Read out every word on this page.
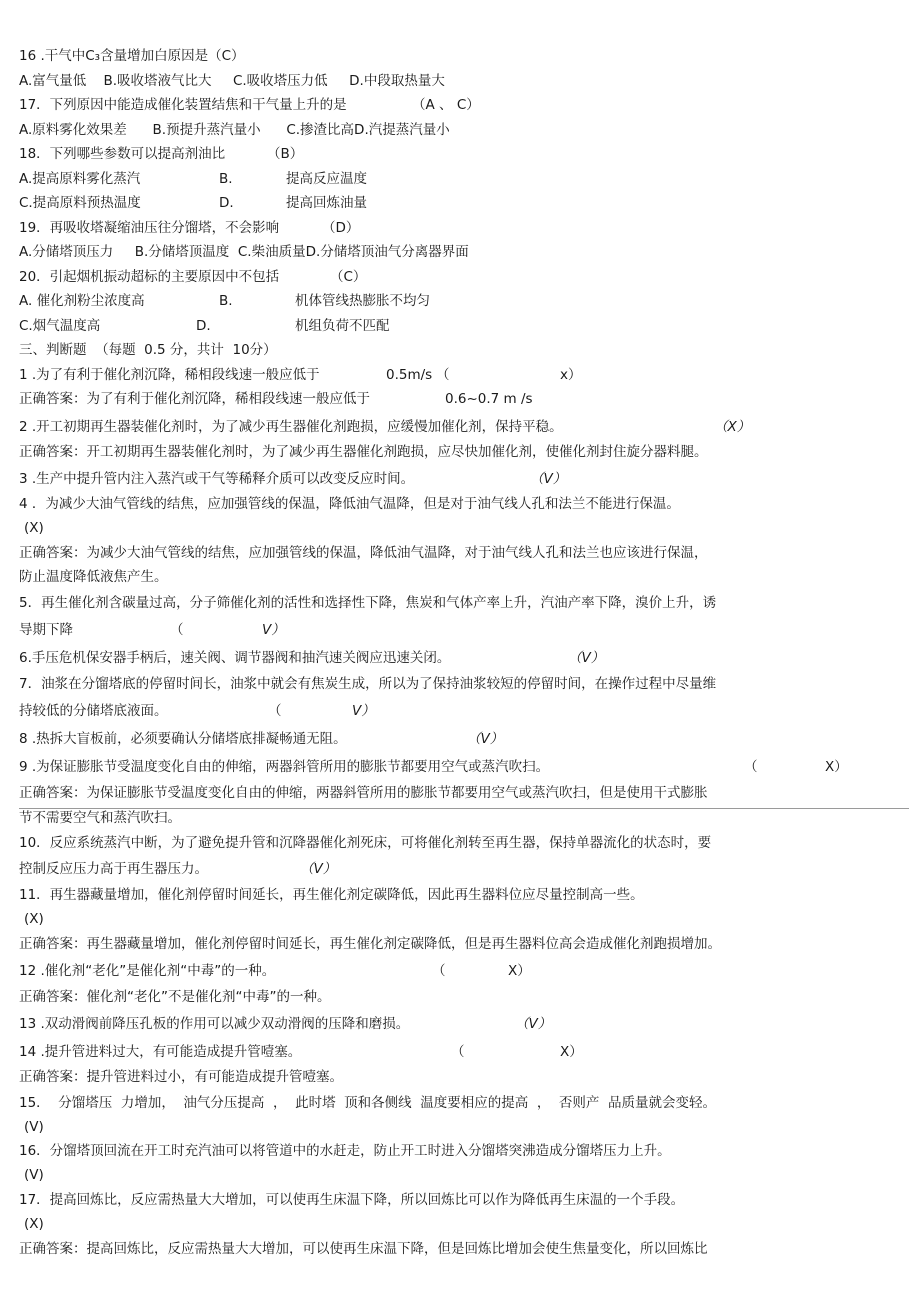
16 .干气中C₃含量增加白原因是（C）
A.富气量低    B.吸收塔液气比大     C.吸收塔压力低     D.中段取热量大
17．下列原因中能造成催化装置结焦和干气量上升的是	（A 、 C）
A.原料雾化效果差      B.预提升蒸汽量小      C.掺渣比高D.汽提蒸汽量小
18．下列哪些参数可以提高剂油比	（B）
A.提高原料雾化蒸汽	B.	提高反应温度
C.提高原料预热温度	D.	提高回炼油量
19．再吸收塔凝缩油压往分馏塔，不会影响	（D）
A.分储塔顶压力     B.分储塔顶温度  C.柴油质量D.分储塔顶油气分离器界面
20．引起烟机振动超标的主要原因中不包括	（C）
A. 催化剂粉尘浓度高	B.	机体管线热膨胀不均匀
C.烟气温度高	D.	机组负荷不匹配
三、判断题  （每题  0.5 分，共计  10分）
1 .为了有利于催化剂沉降，稀相段线速一般应低于	0.5m/s （	x）
正确答案：为了有利于催化剂沉降，稀相段线速一般应低于	0.6~0.7 m /s
2 .开工初期再生器装催化剂时，为了减少再生器催化剂跑损，应缓慢加催化剂，保持平稳。	（X）
正确答案：开工初期再生器装催化剂时，为了减少再生器催化剂跑损，应尽快加催化剂，使催化剂封住旋分器料腿。
3 .生产中提升管内注入蒸汽或干气等稀释介质可以改变反应时间。	（V）
4 ．为减少大油气管线的结焦，应加强管线的保温，降低油气温降，但是对于油气线人孔和法兰不能进行保温。
(X)
正确答案：为减少大油气管线的结焦，应加强管线的保温，降低油气温降，对于油气线人孔和法兰也应该进行保温，
防止温度降低液焦产生。
5．再生催化剂含碳量过高，分子筛催化剂的活性和选择性下降，焦炭和气体产率上升，汽油产率下降，溴价上升，诱
导期下降	（	V）
6.手压危机保安器手柄后，速关阀、调节器阀和抽汽速关阀应迅速关闭。	（V）
7．油浆在分馏塔底的停留时间长，油浆中就会有焦炭生成，所以为了保持油浆较短的停留时间，在操作过程中尽量维
持较低的分储塔底液面。	（	V）
8 .热拆大盲板前，必须要确认分储塔底排凝畅通无阻。	（V）
9 .为保证膨胀节受温度变化自由的伸缩，两器斜管所用的膨胀节都要用空气或蒸汽吹扫。	（	X）
正确答案：为保证膨胀节受温度变化自由的伸缩，两器斜管所用的膨胀节都要用空气或蒸汽吹扫，但是使用干式膨胀
节不需要空气和蒸汽吹扫。
10．反应系统蒸汽中断，为了避免提升管和沉降器催化剂死床，可将催化剂转至再生器，保持单器流化的状态时，要
控制反应压力高于再生器压力。	（V）
11．再生器藏量增加，催化剂停留时间延长，再生催化剂定碳降低，因此再生器料位应尽量控制高一些。
(X)
正确答案：再生器藏量增加，催化剂停留时间延长，再生催化剂定碳降低，但是再生器料位高会造成催化剂跑损增加。
12 .催化剂“老化”是催化剂“中毒”的一种。	（	X）
正确答案：催化剂“老化”不是催化剂“中毒”的一种。
13 .双动滑阀前降压孔板的作用可以减少双动滑阀的压降和磨损。	（V）
14 .提升管进料过大，有可能造成提升管噎塞。	（	X）
正确答案：提升管进料过小，有可能造成提升管噎塞。
15．  分馏塔压  力增加，  油气分压提高  ，  此时塔  顶和各侧线  温度要相应的提高  ，  否则产  品质量就会变轻。
(V)
16．分馏塔顶回流在开工时充汽油可以将管道中的水赶走，防止开工时进入分馏塔突沸造成分馏塔压力上升。
(V)
17．提高回炼比，反应需热量大大增加，可以使再生床温下降，所以回炼比可以作为降低再生床温的一个手段。
(X)
正确答案：提高回炼比，反应需热量大大增加，可以使再生床温下降，但是回炼比增加会使生焦量变化，所以回炼比
